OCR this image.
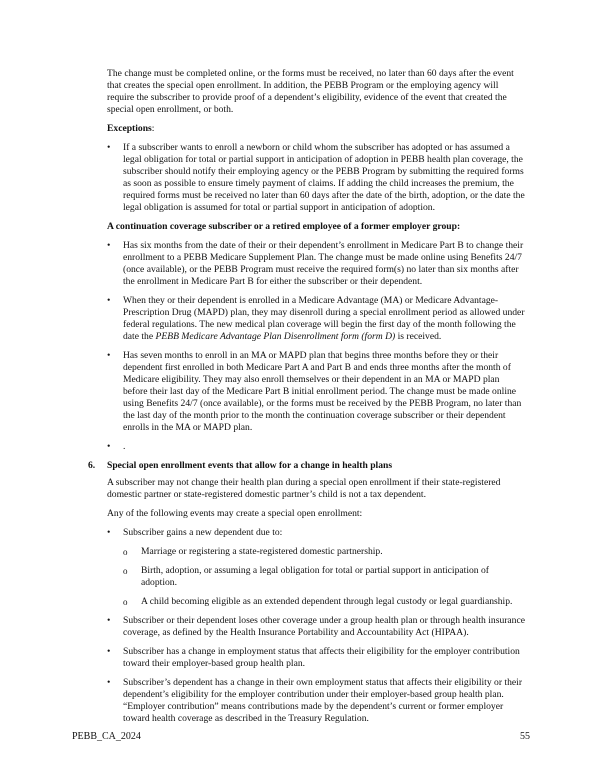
The change must be completed online, or the forms must be received, no later than 60 days after the event that creates the special open enrollment. In addition, the PEBB Program or the employing agency will require the subscriber to provide proof of a dependent’s eligibility, evidence of the event that created the special open enrollment, or both.

Exceptions:

• If a subscriber wants to enroll a newborn or child whom the subscriber has adopted or has assumed a legal obligation for total or partial support in anticipation of adoption in PEBB health plan coverage, the subscriber should notify their employing agency or the PEBB Program by submitting the required forms as soon as possible to ensure timely payment of claims. If adding the child increases the premium, the required forms must be received no later than 60 days after the date of the birth, adoption, or the date the legal obligation is assumed for total or partial support in anticipation of adoption.

A continuation coverage subscriber or a retired employee of a former employer group:

• Has six months from the date of their or their dependent’s enrollment in Medicare Part B to change their enrollment to a PEBB Medicare Supplement Plan. The change must be made online using Benefits 24/7 (once available), or the PEBB Program must receive the required form(s) no later than six months after the enrollment in Medicare Part B for either the subscriber or their dependent.
• When they or their dependent is enrolled in a Medicare Advantage (MA) or Medicare Advantage-Prescription Drug (MAPD) plan, they may disenroll during a special enrollment period as allowed under federal regulations. The new medical plan coverage will begin the first day of the month following the date the PEBB Medicare Advantage Plan Disenrollment form (form D) is received.
• Has seven months to enroll in an MA or MAPD plan that begins three months before they or their dependent first enrolled in both Medicare Part A and Part B and ends three months after the month of Medicare eligibility. They may also enroll themselves or their dependent in an MA or MAPD plan before their last day of the Medicare Part B initial enrollment period. The change must be made online using Benefits 24/7 (once available), or the forms must be received by the PEBB Program, no later than the last day of the month prior to the month the continuation coverage subscriber or their dependent enrolls in the MA or MAPD plan.
• .
6. Special open enrollment events that allow for a change in health plans

A subscriber may not change their health plan during a special open enrollment if their state-registered domestic partner or state-registered domestic partner’s child is not a tax dependent.

Any of the following events may create a special open enrollment:

• Subscriber gains a new dependent due to:
o Marriage or registering a state-registered domestic partnership.
o Birth, adoption, or assuming a legal obligation for total or partial support in anticipation of adoption.
o A child becoming eligible as an extended dependent through legal custody or legal guardianship.
• Subscriber or their dependent loses other coverage under a group health plan or through health insurance coverage, as defined by the Health Insurance Portability and Accountability Act (HIPAA).
• Subscriber has a change in employment status that affects their eligibility for the employer contribution toward their employer-based group health plan.
• Subscriber’s dependent has a change in their own employment status that affects their eligibility or their dependent’s eligibility for the employer contribution under their employer-based group health plan. “Employer contribution” means contributions made by the dependent’s current or former employer toward health coverage as described in the Treasury Regulation.
PEBB_CA_2024	55
